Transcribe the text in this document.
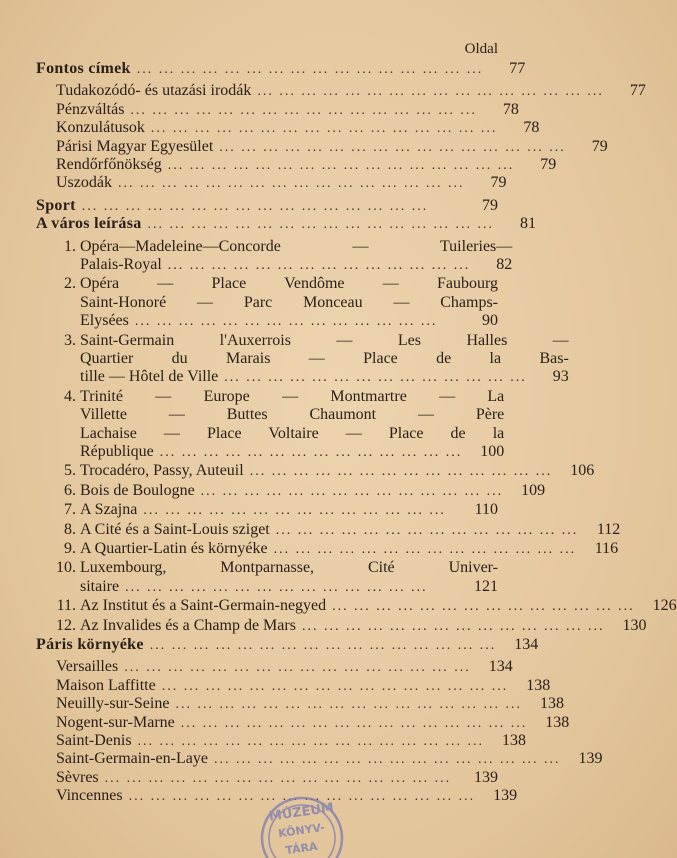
Oldal
Fontos címek ... .	77
Tudakozódó- és utazási irodák ... .	77
Pénzváltás ... .	78
Konzulátusok ... .	78
Párisi Magyar Egyesület ... .	79
Rendőrfőnökség ... .	79
Uszodák ... .	79
Sport ... .	79
A város leírása ... .	81
1. Opéra—Madeleine—Concorde — Tuileries—
Palais-Royal ... .	82
2. Opéra — Place Vendôme — Faubourg
Saint-Honoré — Parc Monceau — Champs-
Elysées ... .	90
3. Saint-Germain l'Auxerrois — Les Halles —
Quartier du Marais — Place de la Bas-
tille — Hôtel de Ville ... .	93
4. Trinité — Europe — Montmartre — La
Villette — Buttes Chaumont — Père
Lachaise — Place Voltaire — Place de la
République ... .	100
5. Trocadéro, Passy, Auteuil ... .	106
6. Bois de Boulogne ... .	109
7. A Szajna ... .	110
8. A Cité és a Saint-Louis sziget ... .	112
9. A Quartier-Latin és környéke ... .	116
10. Luxembourg, Montparnasse, Cité Univer-
sitaire ... .	121
11. Az Institut és a Saint-Germain-negyed ... .	126
12. Az Invalides és a Champ de Mars ... .	130
Páris környéke ... .	134
Versailles ... .	134
Maison Laffitte ... .	138
Neuilly-sur-Seine ... .	138
Nogent-sur-Marne ... .	138
Saint-Denis ... .	138
Saint-Germain-en-Laye ... .	139
Sèvres ... .	139
Vincennes ... .	139
MÚZEUM
KÖNYV-
TÁRA
